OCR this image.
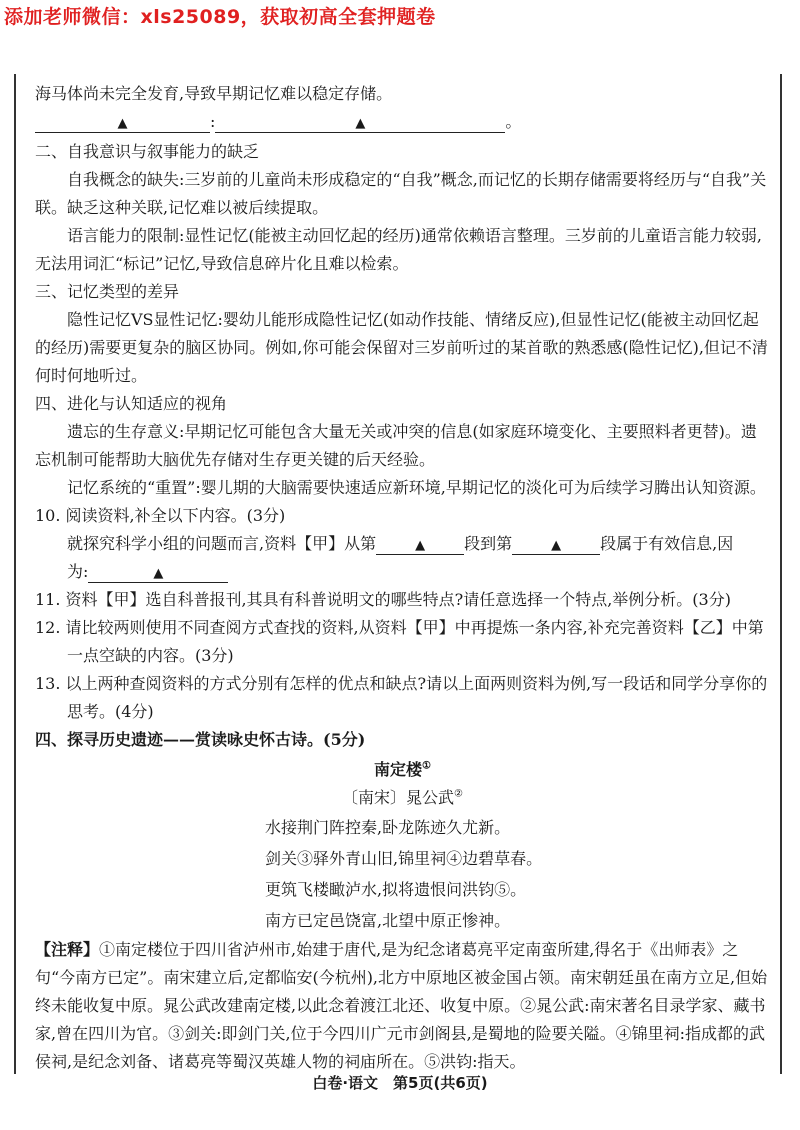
添加老师微信：xls25089，获取初高全套押题卷

海马体尚未完全发育,导致早期记忆难以稳定存储。

▲	:	▲	。

二、自我意识与叙事能力的缺乏

自我概念的缺失:三岁前的儿童尚未形成稳定的“自我”概念,而记忆的长期存储需要将经历与“自我”关联。缺乏这种关联,记忆难以被后续提取。

语言能力的限制:显性记忆(能被主动回忆起的经历)通常依赖语言整理。三岁前的儿童语言能力较弱,无法用词汇“标记”记忆,导致信息碎片化且难以检索。

三、记忆类型的差异

隐性记忆VS显性记忆:婴幼儿能形成隐性记忆(如动作技能、情绪反应),但显性记忆(能被主动回忆起的经历)需要更复杂的脑区协同。例如,你可能会保留对三岁前听过的某首歌的熟悉感(隐性记忆),但记不清何时何地听过。

四、进化与认知适应的视角

遗忘的生存意义:早期记忆可能包含大量无关或冲突的信息(如家庭环境变化、主要照料者更替)。遗忘机制可能帮助大脑优先存储对生存更关键的后天经验。

记忆系统的“重置”:婴儿期的大脑需要快速适应新环境,早期记忆的淡化可为后续学习腾出认知资源。

10. 阅读资料,补全以下内容。(3分)

就探究科学小组的问题而言,资料【甲】从第	▲ 段到第	▲ 段属于有效信息,因

为:	▲

11. 资料【甲】选自科普报刊,其具有科普说明文的哪些特点?请任意选择一个特点,举例分析。(3分)

12. 请比较两则使用不同查阅方式查找的资料,从资料【甲】中再提炼一条内容,补充完善资料【乙】中第一点空缺的内容。(3分)

13. 以上两种查阅资料的方式分别有怎样的优点和缺点?请以上面两则资料为例,写一段话和同学分享你的思考。(4分)

四、探寻历史遗迹——赏读咏史怀古诗。(5分)

南定楼①

〔南宋〕晁公武②

水接荆门阵控秦,卧龙陈迹久尤新。

剑关③驿外青山旧,锦里祠④边碧草春。

更筑飞楼瞰泸水,拟将遗恨问洪钧⑤。

南方已定邑饶富,北望中原正惨神。

【注释】①南定楼位于四川省泸州市,始建于唐代,是为纪念诸葛亮平定南蛮所建,得名于《出师表》之句“今南方已定”。南宋建立后,定都临安(今杭州),北方中原地区被金国占领。南宋朝廷虽在南方立足,但始终未能收复中原。晁公武改建南定楼,以此念着渡江北还、收复中原。②晁公武:南宋著名目录学家、藏书家,曾在四川为官。③剑关:即剑门关,位于今四川广元市剑阁县,是蜀地的险要关隘。④锦里祠:指成都的武侯祠,是纪念刘备、诸葛亮等蜀汉英雄人物的祠庙所在。⑤洪钧:指天。

白卷·语文　第5页(共6页)
